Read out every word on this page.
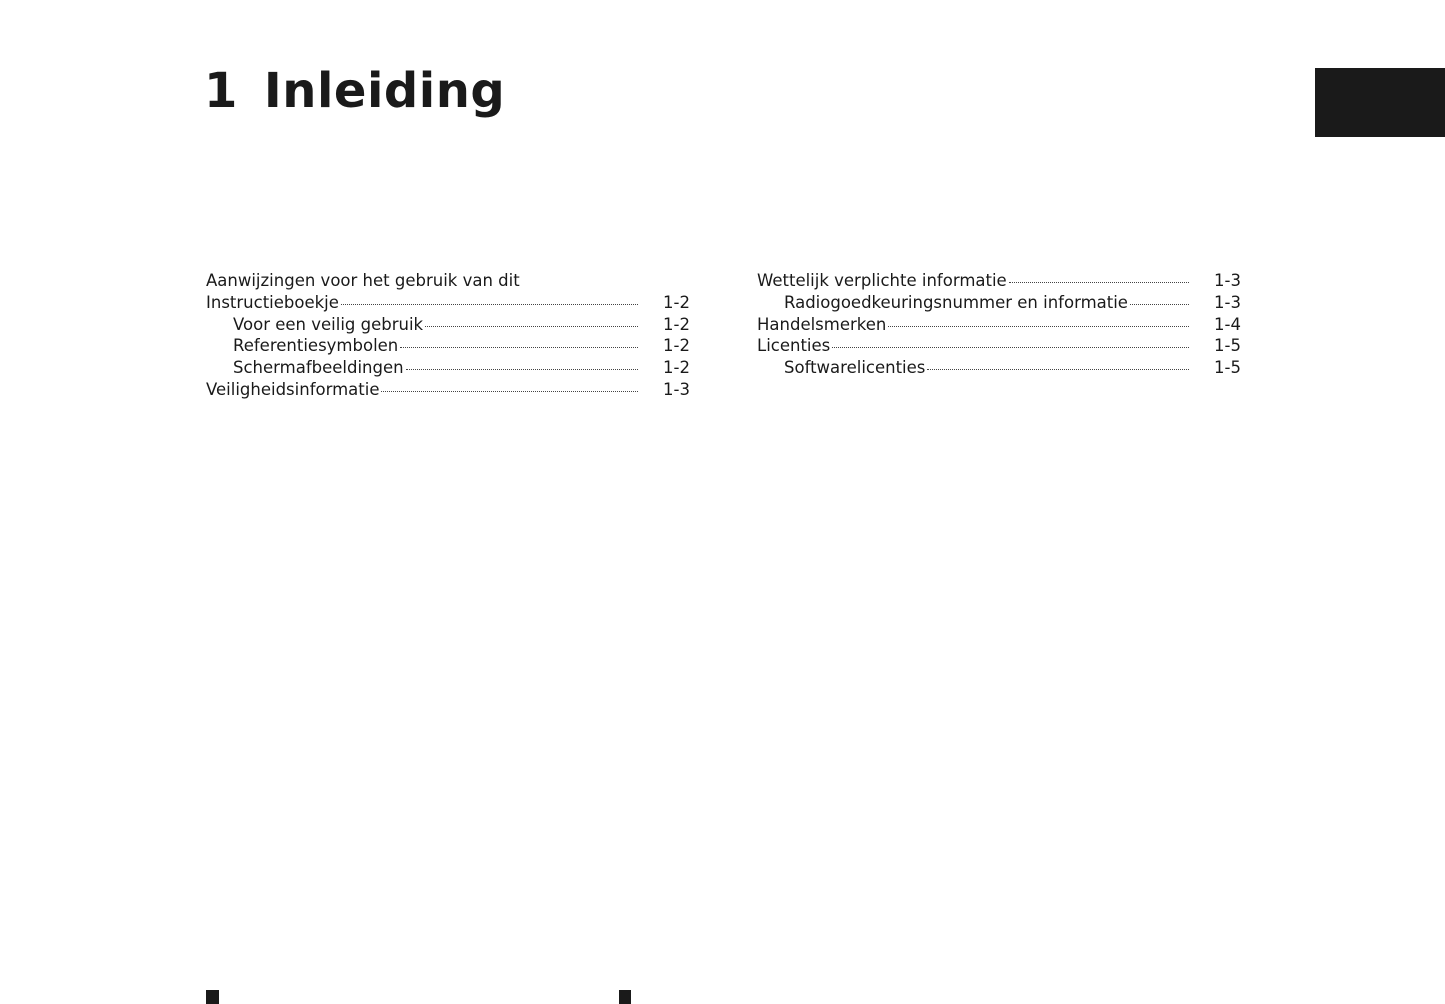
1 Inleiding
Aanwijzingen voor het gebruik van dit
Instructieboekje	1-2
Voor een veilig gebruik	1-2
Referentiesymbolen	1-2
Schermafbeeldingen	1-2
Veiligheidsinformatie	1-3
Wettelijk verplichte informatie	1-3
Radiogoedkeuringsnummer en informatie	1-3
Handelsmerken	1-4
Licenties	1-5
Softwarelicenties	1-5
